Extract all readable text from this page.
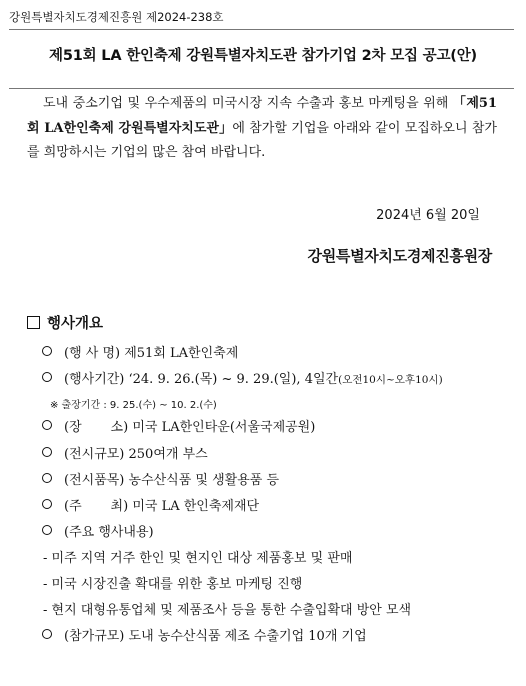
강원특별자치도경제진흥원 제2024-238호
제51회 LA 한인축제 강원특별자치도관 참가기업 2차 모집 공고(안)
도내 중소기업 및 우수제품의 미국시장 지속 수출과 홍보 마케팅을 위해 「제51회 LA한인축제 강원특별자치도관」에 참가할 기업을 아래와 같이 모집하오니 참가를 희망하시는 기업의 많은 참여 바랍니다.
2024년 6월 20일
강원특별자치도경제진흥원장
행사개요
(행 사 명) 제51회 LA한인축제
(행사기간) ‘24. 9. 26.(목) ~ 9. 29.(일), 4일간(오전10시~오후10시)
※ 출장기간 : 9. 25.(수) ~ 10. 2.(수)
(장       소) 미국 LA한인타운(서울국제공원)
(전시규모) 250여개 부스
(전시품목) 농수산식품 및 생활용품 등
(주       최) 미국 LA 한인축제재단
(주요 행사내용)
- 미주 지역 거주 한인 및 현지인 대상 제품홍보 및 판매
- 미국 시장진출 확대를 위한 홍보 마케팅 진행
- 현지 대형유통업체 및 제품조사 등을 통한 수출입확대 방안 모색
(참가규모) 도내 농수산식품 제조 수출기업 10개 기업
